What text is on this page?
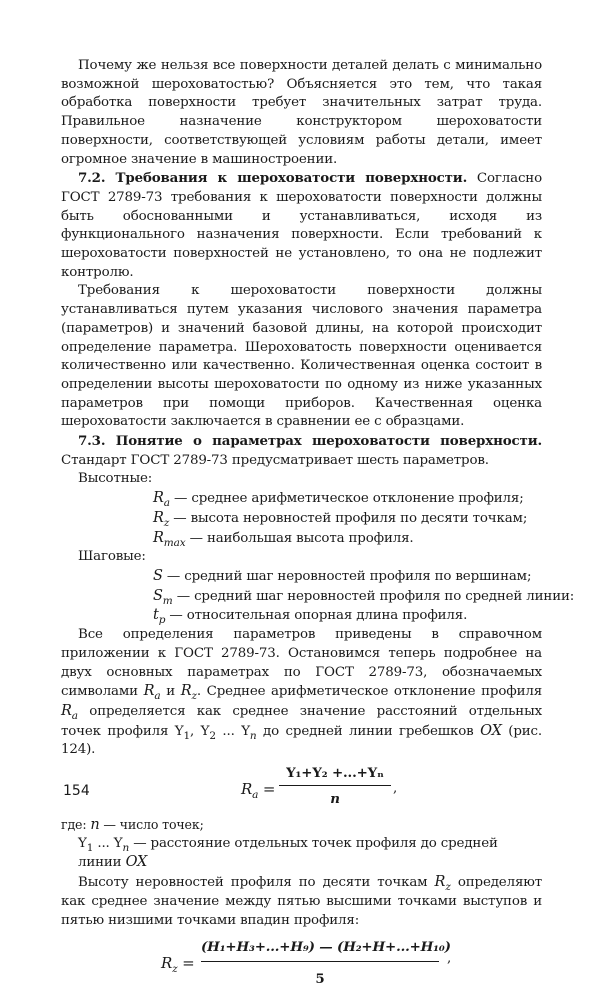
Почему же нельзя все поверхности деталей делать с минимально возможной шероховатостью? Объясняется это тем, что такая обработка поверхности требует значительных затрат труда. Правильное назначение конструктором шероховатости поверхности, соответствующей условиям работы детали, имеет огромное значение в машиностроении.

7.2. Требования к шероховатости поверхности. Согласно ГОСТ 2789-73 требования к шероховатости поверхности должны быть обоснованными и устанавливаться, исходя из функционального назначения поверхности. Если требований к шероховатости поверхностей не установлено, то она не подлежит контролю.

Требования к шероховатости поверхности должны устанавливаться путем указания числового значения параметра (параметров) и значений базовой длины, на которой происходит определение параметра. Шероховатость поверхности оценивается количественно или качественно. Количественная оценка состоит в определении высоты шероховатости по одному из ниже указанных параметров при помощи приборов. Качественная оценка шероховатости заключается в сравнении ее с образцами.

7.3. Понятие о параметрах шероховатости поверхности. Стандарт ГОСТ 2789-73 предусматривает шесть параметров.

Высотные:

$R_a$ — среднее арифметическое отклонение профиля;

$R_z$ — высота неровностей профиля по десяти точкам;

$R_{max}$ — наибольшая высота профиля.

Шаговые:

S — средний шаг неровностей профиля по вершинам;

$S_m$ — средний шаг неровностей профиля по средней линии:

$t_p$ — относительная опорная длина профиля.

Все определения параметров приведены в справочном приложении к ГОСТ 2789-73. Остановимся теперь подробнее на двух основных параметрах по ГОСТ 2789-73, обозначаемых символами $R_a$ и $R_z$. Среднее арифметическое отклонение профиля $R_a$ определяется как среднее значение расстояний отдельных точек профиля $Y_1$, $Y_2$ ... $Y_n$ до средней линии гребешков OX (рис. 124).

$R_a$ =
Y₁+Y₂ +...+Yₙ
n
,

где: n — число точек;

$Y_1$ ... $Y_n$ — расстояние отдельных точек профиля до средней линии OX

Высоту неровностей профиля по десяти точкам $R_z$ определяют как среднее значение между пятью высшими точками выступов и пятью низшими точками впадин профиля:

$R_z$ =
(H₁+H₃+...+H₉) — (H₂+H+...+H₁₀)
5
,
154
